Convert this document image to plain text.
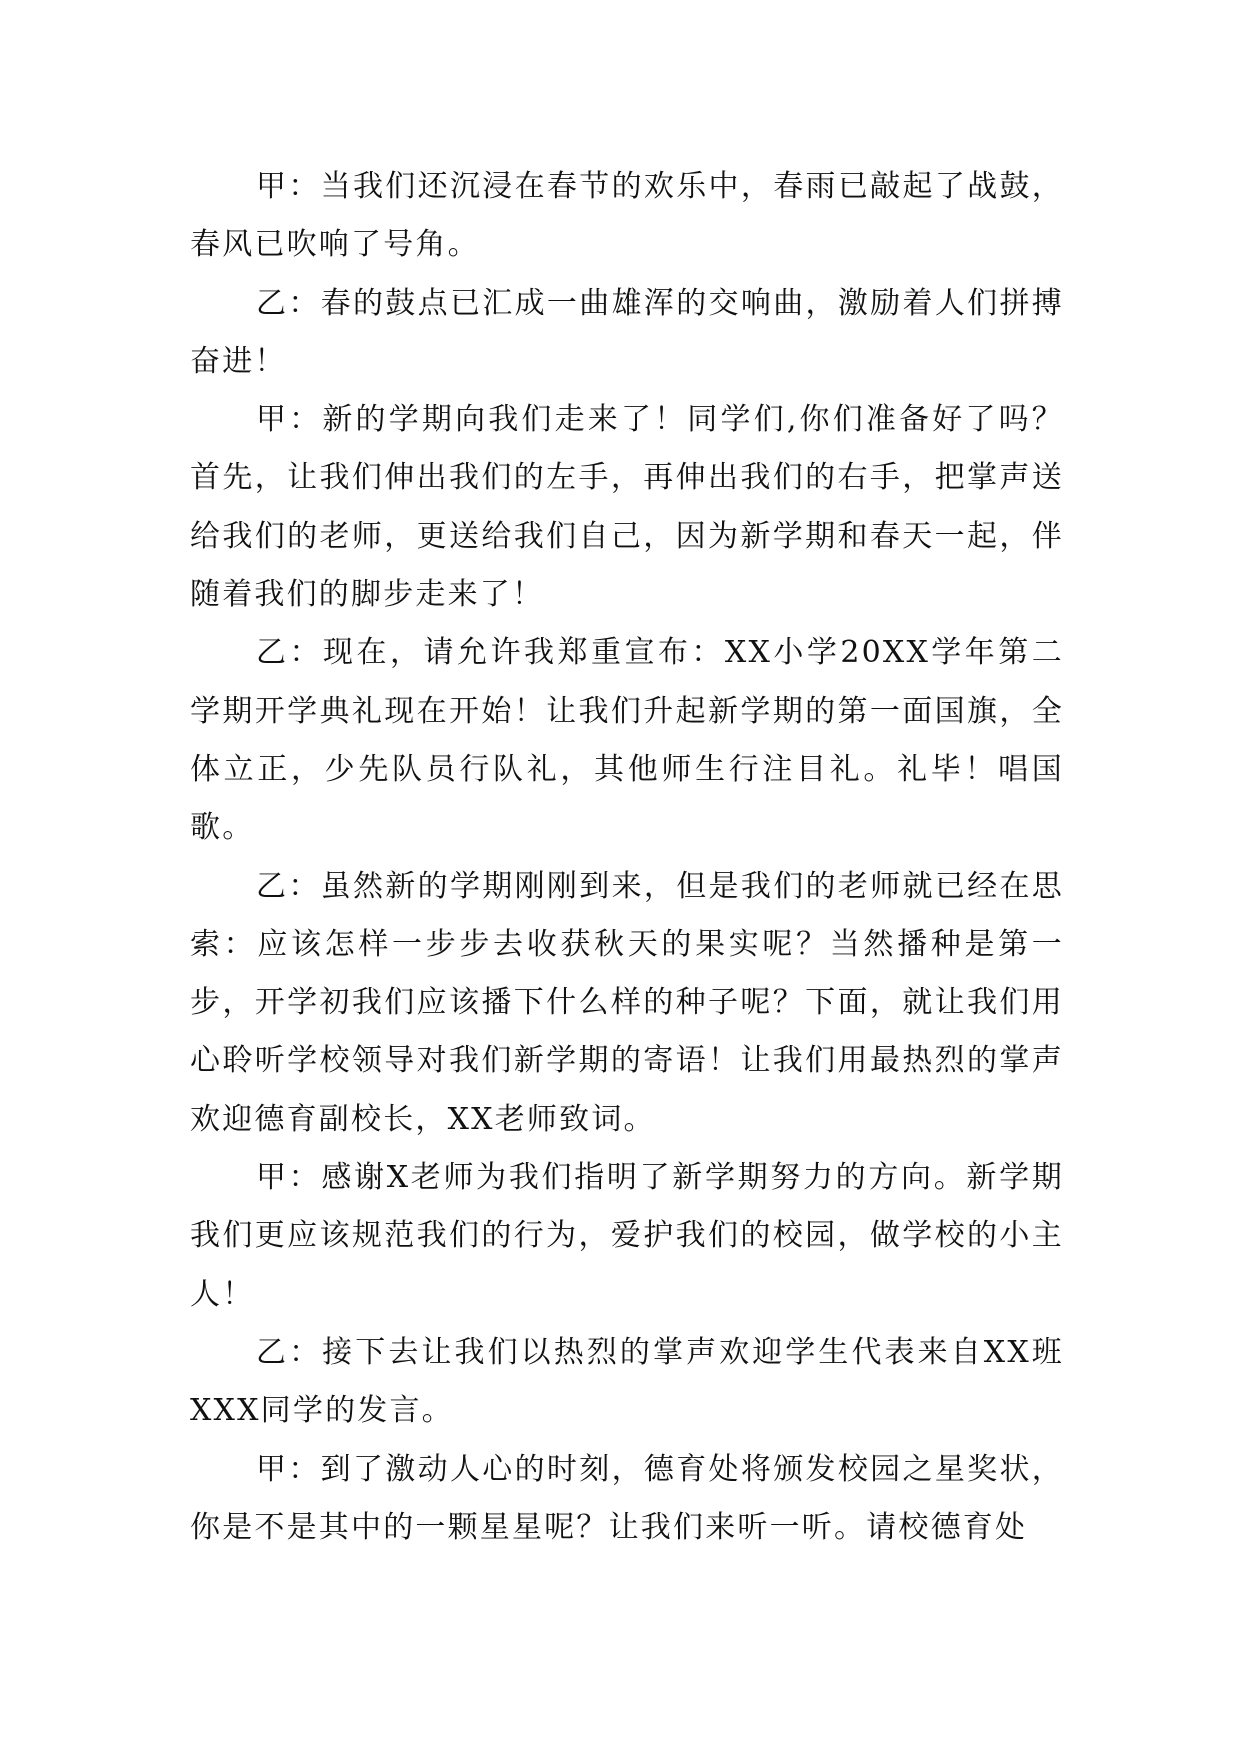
甲：当我们还沉浸在春节的欢乐中，春雨已敲起了战鼓，春风已吹响了号角。

乙：春的鼓点已汇成一曲雄浑的交响曲，激励着人们拼搏奋进！

甲：新的学期向我们走来了！同学们,你们准备好了吗？首先，让我们伸出我们的左手，再伸出我们的右手，把掌声送给我们的老师，更送给我们自己，因为新学期和春天一起，伴随着我们的脚步走来了！

乙：现在，请允许我郑重宣布：XX小学20XX学年第二学期开学典礼现在开始！让我们升起新学期的第一面国旗，全体立正，少先队员行队礼，其他师生行注目礼。礼毕！唱国歌。

乙：虽然新的学期刚刚到来，但是我们的老师就已经在思索：应该怎样一步步去收获秋天的果实呢？当然播种是第一步，开学初我们应该播下什么样的种子呢？下面，就让我们用心聆听学校领导对我们新学期的寄语！让我们用最热烈的掌声欢迎德育副校长，XX老师致词。

甲：感谢X老师为我们指明了新学期努力的方向。新学期我们更应该规范我们的行为，爱护我们的校园，做学校的小主人！

乙：接下去让我们以热烈的掌声欢迎学生代表来自XX班XXX同学的发言。

甲：到了激动人心的时刻，德育处将颁发校园之星奖状，你是不是其中的一颗星星呢？让我们来听一听。请校德育处
